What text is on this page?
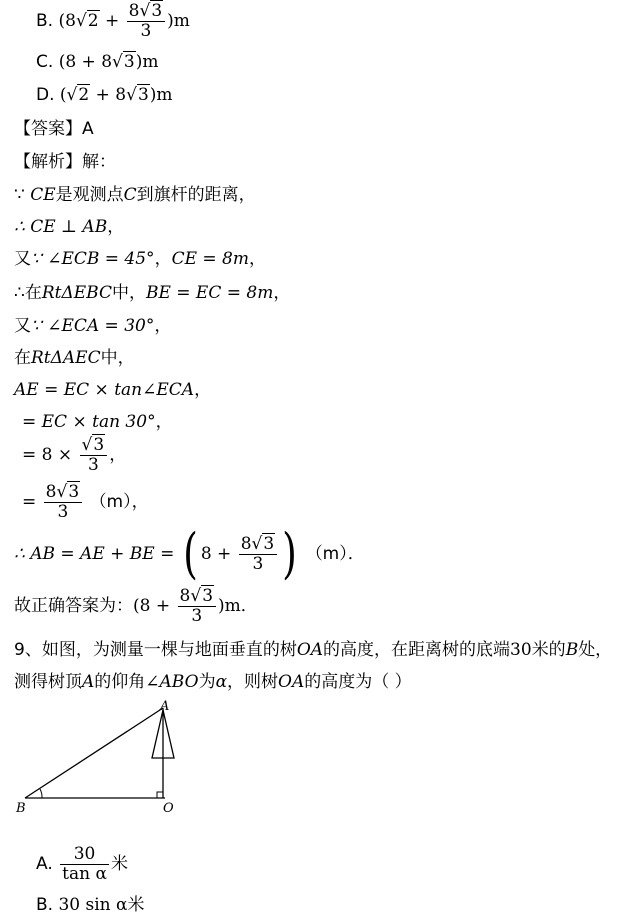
B. $(8√2 + \frac{8√3}{3} )m$
C. (8 + 8√3)m
D. (√2 + 8√3)m
【答案】A
【解析】解：
∵ CE是观测点C到旗杆的距离，
∴ CE ⊥ AB，
又∵ ∠ECB = 45°，CE = 8m，
∴在RtΔEBC中，BE = EC = 8m，
又∵ ∠ECA = 30°，
在RtΔAEC中，
AE = EC × tan∠ECA，
= EC × tan 30°，
= $8 \times \frac{√3}{3}$ ，
= $\frac{8√3}{3} (m)$，
∴ AB = AE + BE = ( $8 + \frac{8√3}{3}$ ) （m）．
故正确答案为：$(8 + \frac{8√3}{3} )m$．
9、如图，为测量一棵与地面垂直的树OA的高度，在距离树的底端30米的B处，
测得树顶A的仰角∠ABO为α，则树OA的高度为（ ）
A
B	O
A. $\frac{30}{\text{tan α}}$ 米
B. 30 sin α米
